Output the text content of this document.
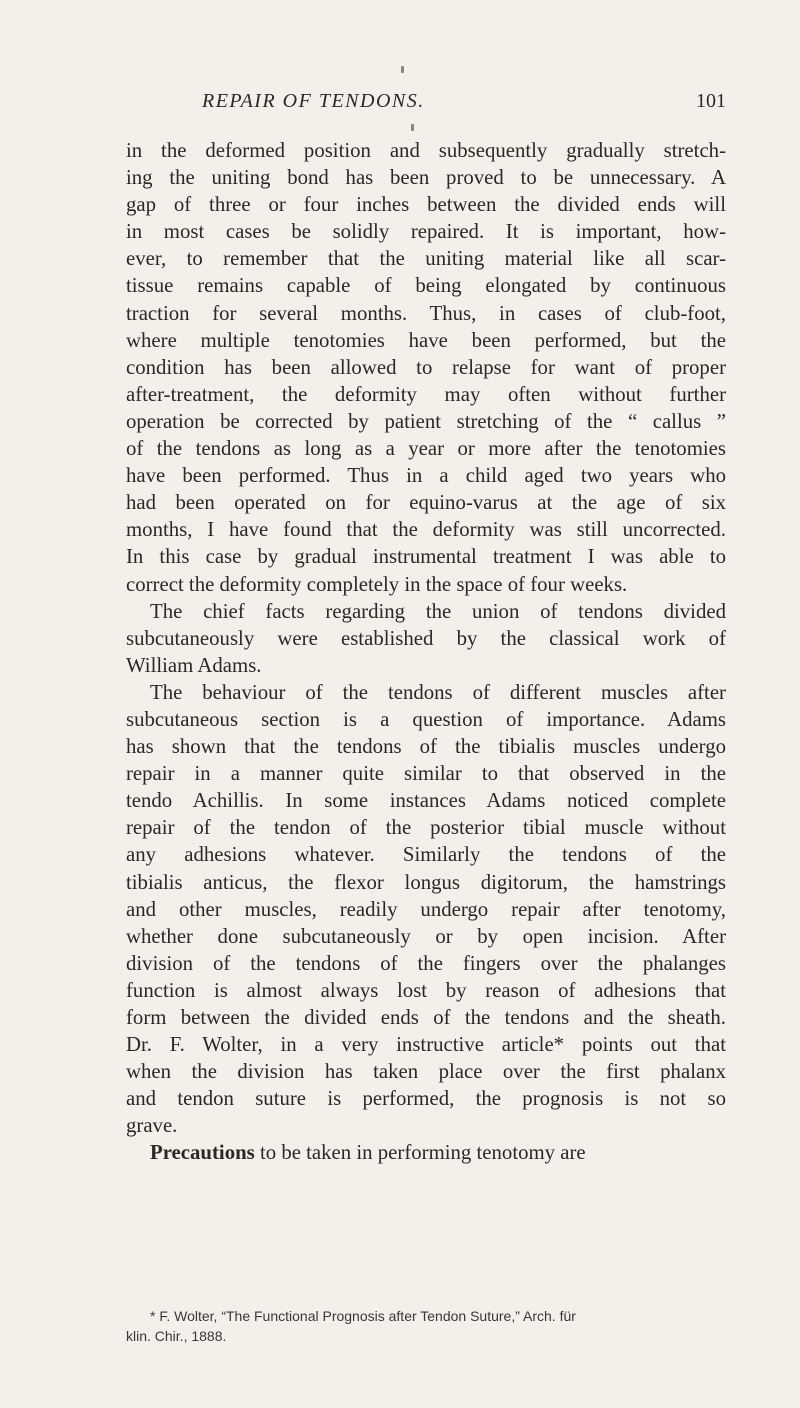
REPAIR OF TENDONS.	101
in the deformed position and subsequently gradually stretch-
ing the uniting bond has been proved to be unnecessary. A
gap of three or four inches between the divided ends will
in most cases be solidly repaired. It is important, how-
ever, to remember that the uniting material like all scar-
tissue remains capable of being elongated by continuous
traction for several months. Thus, in cases of club-foot,
where multiple tenotomies have been performed, but the
condition has been allowed to relapse for want of proper
after-treatment, the deformity may often without further
operation be corrected by patient stretching of the “ callus ”
of the tendons as long as a year or more after the tenotomies
have been performed. Thus in a child aged two years who
had been operated on for equino-varus at the age of six
months, I have found that the deformity was still uncorrected.
In this case by gradual instrumental treatment I was able to
correct the deformity completely in the space of four weeks.
The chief facts regarding the union of tendons divided
subcutaneously were established by the classical work of
William Adams.
The behaviour of the tendons of different muscles after
subcutaneous section is a question of importance. Adams
has shown that the tendons of the tibialis muscles undergo
repair in a manner quite similar to that observed in the
tendo Achillis. In some instances Adams noticed complete
repair of the tendon of the posterior tibial muscle without
any adhesions whatever. Similarly the tendons of the
tibialis anticus, the flexor longus digitorum, the hamstrings
and other muscles, readily undergo repair after tenotomy,
whether done subcutaneously or by open incision. After
division of the tendons of the fingers over the phalanges
function is almost always lost by reason of adhesions that
form between the divided ends of the tendons and the sheath.
Dr. F. Wolter, in a very instructive article* points out that
when the division has taken place over the first phalanx
and tendon suture is performed, the prognosis is not so
grave.
Precautions to be taken in performing tenotomy are
* F. Wolter, “The Functional Prognosis after Tendon Suture,” Arch. für
klin. Chir., 1888.
